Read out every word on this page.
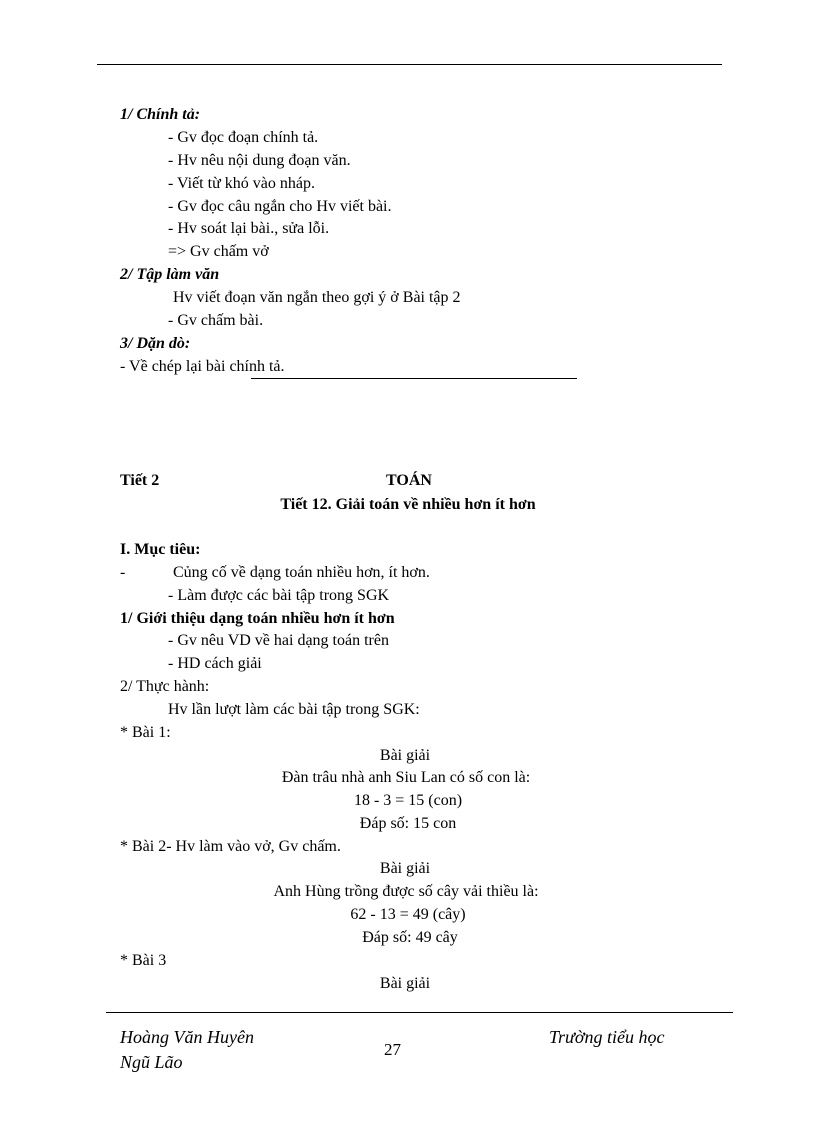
1/ Chính tả:
- Gv đọc đoạn chính tả.
- Hv nêu nội dung đoạn văn.
- Viết từ khó vào nháp.
- Gv đọc câu ngắn cho Hv viết bài.
- Hv soát lại bài., sửa lỗi.
=> Gv chấm vở
2/ Tập làm văn
Hv viết đoạn văn ngắn theo gợi ý ở Bài tập 2
- Gv chấm bài.
3/ Dặn dò:
- Về chép lại bài chính tả.
Tiết 2	TOÁN
Tiết 12. Giải toán về nhiều hơn ít hơn
I. Mục tiêu:
-	Củng cố về dạng toán nhiều hơn, ít hơn.
- Làm được các bài tập trong SGK
1/ Giới thiệu dạng toán nhiều hơn ít hơn
- Gv nêu VD về hai dạng toán trên
- HD cách giải
2/ Thực hành:
Hv lần lượt làm các bài tập trong SGK:
* Bài 1:
Bài giải
Đàn trâu nhà anh Siu Lan có số con là:
18 - 3 = 15 (con)
Đáp số: 15 con
* Bài 2- Hv làm vào vở, Gv chấm.
Bài giải
Anh Hùng trồng được số cây vải thiều là:
62 - 13 = 49 (cây)
Đáp số: 49 cây
* Bài 3
Bài giải
Hoàng Văn Huyên
Ngũ Lão
27
Trường tiểu học
